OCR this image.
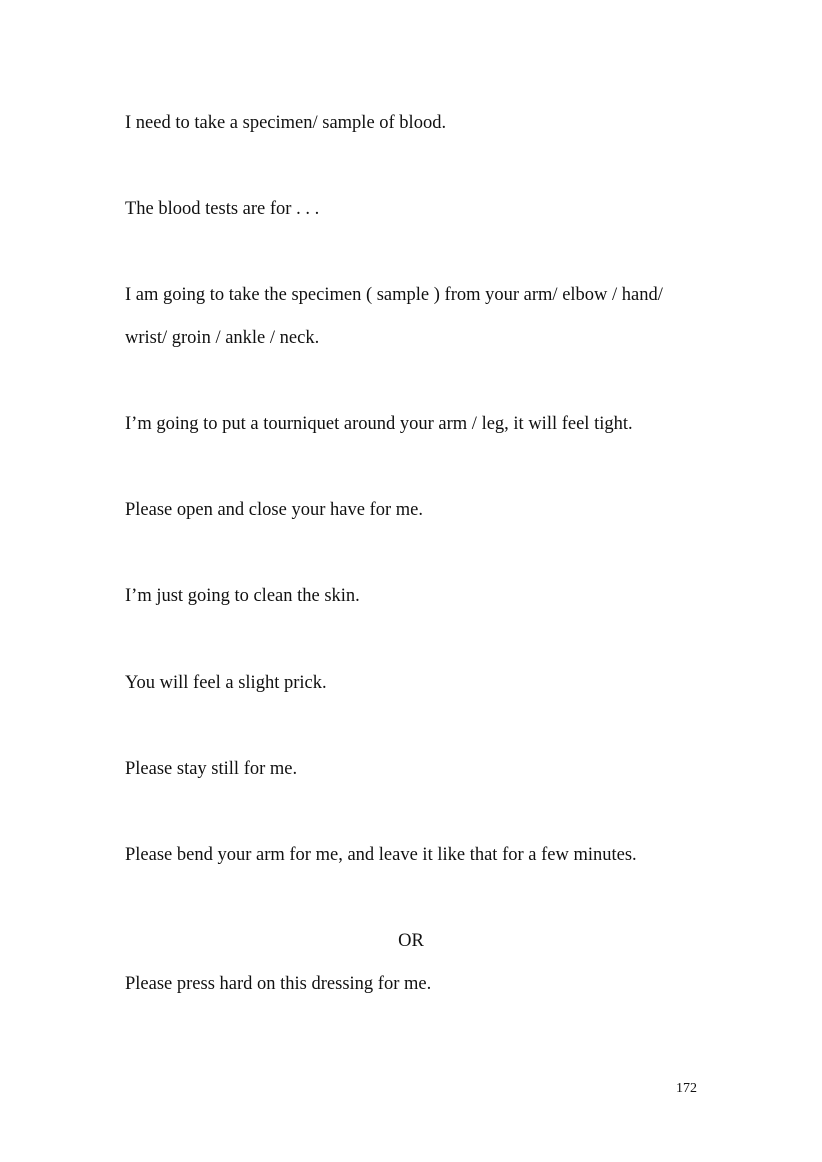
I need to take a specimen/ sample of blood.
The blood tests are for . . .
I am going to take the specimen ( sample ) from your arm/ elbow / hand/
wrist/ groin / ankle / neck.
I’m going to put a tourniquet around your arm / leg, it will feel tight.
Please open and close your have for me.
I’m just going to clean the skin.
You will feel a slight prick.
Please stay still for me.
Please bend your arm for me, and leave it like that for a few minutes.
OR
Please press hard on this dressing for me.
172
